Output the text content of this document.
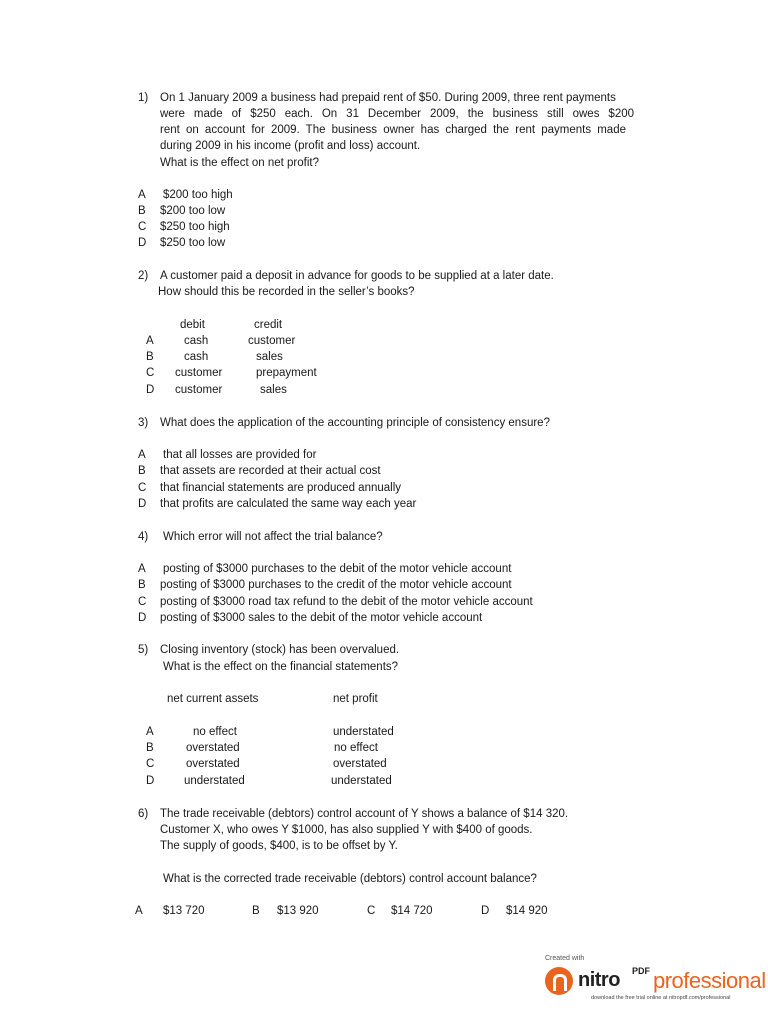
1) On 1 January 2009 a business had prepaid rent of $50. During 2009, three rent payments
were made of $250 each. On 31 December 2009, the business still owes $200
rent on account for 2009. The business owner has charged the rent payments made
during 2009 in his income (profit and loss) account.
What is the effect on net profit?
A $200 too high
B $200 too low
C $250 too high
D $250 too low
2) A customer paid a deposit in advance for goods to be supplied at a later date.
How should this be recorded in the seller’s books?
debit	credit
A	cash	customer
B	cash	sales
C customer	prepayment
D customer	sales
3) What does the application of the accounting principle of consistency ensure?
A that all losses are provided for
B that assets are recorded at their actual cost
C that financial statements are produced annually
D that profits are calculated the same way each year
4) Which error will not affect the trial balance?
A posting of $3000 purchases to the debit of the motor vehicle account
B posting of $3000 purchases to the credit of the motor vehicle account
C posting of $3000 road tax refund to the debit of the motor vehicle account
D posting of $3000 sales to the debit of the motor vehicle account
5) Closing inventory (stock) has been overvalued.
What is the effect on the financial statements?
net current assets	net profit
A	no effect	understated
B	overstated	no effect
C	overstated	overstated
D	understated	understated
6) The trade receivable (debtors) control account of Y shows a balance of $14 320.
Customer X, who owes Y $1000, has also supplied Y with $400 of goods.
The supply of goods, $400, is to be offset by Y.
What is the corrected trade receivable (debtors) control account balance?
A $13 720	B $13 920	C $14 720	D $14 920
Created with
nitro PDF professional
download the free trial online at nitropdf.com/professional
